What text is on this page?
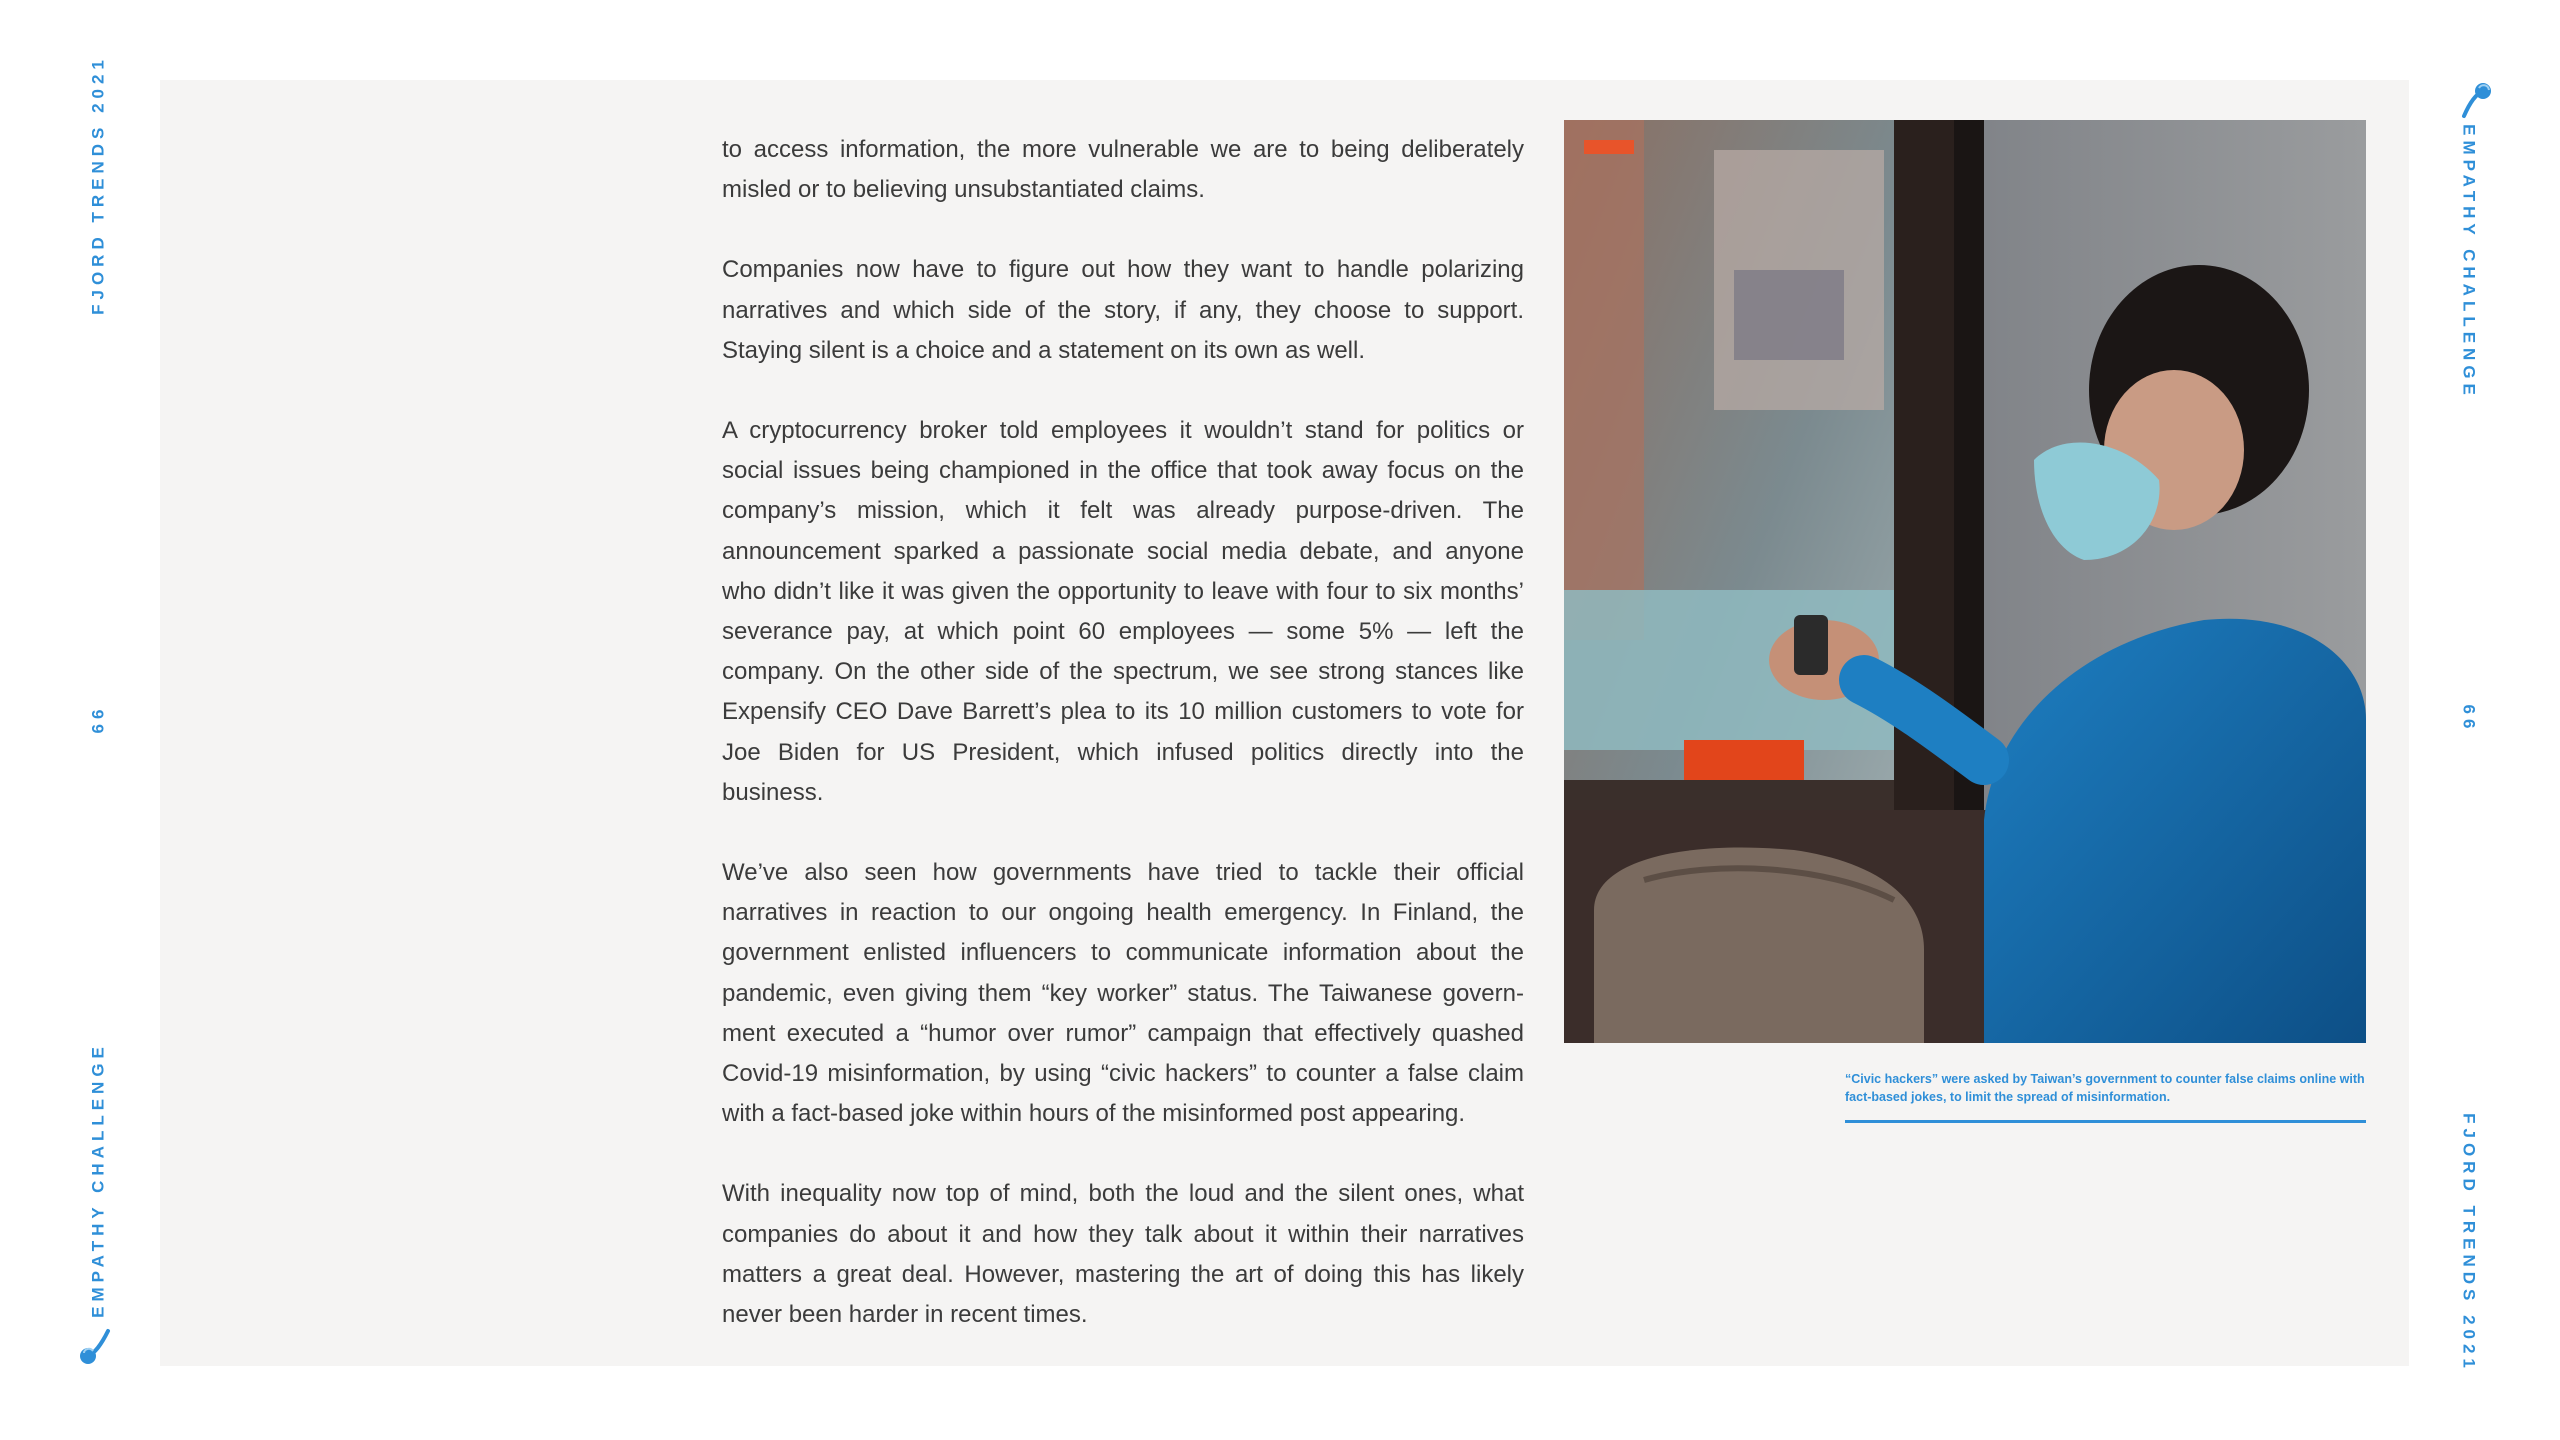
FJORD TRENDS 2021
66
EMPATHY CHALLENGE
EMPATHY CHALLENGE
66
FJORD TRENDS 2021

to access information, the more vulnerable we are to being deliberately misled or to believing unsubstantiated claims.

Companies now have to figure out how they want to handle polarizing narratives and which side of the story, if any, they choose to support. Staying silent is a choice and a statement on its own as well.

A cryptocurrency broker told employees it wouldn’t stand for politics or social issues being championed in the office that took away focus on the company’s mission, which it felt was already purpose-driven. The announcement sparked a passionate social media debate, and anyone who didn’t like it was given the opportunity to leave with four to six months’ severance pay, at which point 60 employees — some 5% — left the company. On the other side of the spectrum, we see strong stances like Expensify CEO Dave Barrett’s plea to its 10 million customers to vote for Joe Biden for US President, which infused politics directly into the business.

We’ve also seen how governments have tried to tackle their official narratives in reaction to our ongoing health emergency. In Finland, the government enlisted influencers to communicate information about the pandemic, even giving them “key worker” status. The Taiwanese government executed a “humor over rumor” campaign that effectively quashed Covid-19 misinformation, by using “civic hackers” to counter a false claim with a fact-based joke within hours of the misinformed post appearing.

With inequality now top of mind, both the loud and the silent ones, what companies do about it and how they talk about it within their narratives matters a great deal. However, mastering the art of doing this has likely never been harder in recent times.

“Civic hackers” were asked by Taiwan’s government to counter false claims online with fact-based jokes, to limit the spread of misinformation.
